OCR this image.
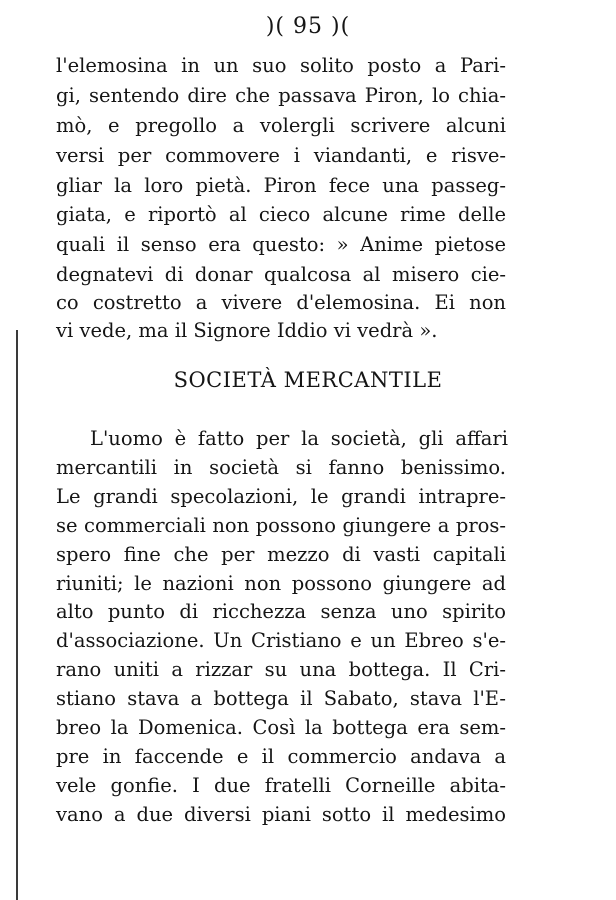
)( 95 )(
l'elemosina in un suo solito posto a Pari-
gi, sentendo dire che passava Piron, lo chia-
mò, e pregollo a volergli scrivere alcuni
versi per commovere i viandanti, e risve-
gliar la loro pietà. Piron fece una passeg-
giata, e riportò al cieco alcune rime delle
quali il senso era questo: » Anime pietose
degnatevi di donar qualcosa al misero cie-
co costretto a vivere d'elemosina. Ei non
vi vede, ma il Signore Iddio vi vedrà ».
SOCIETÀ MERCANTILE
L'uomo è fatto per la società, gli affari
mercantili in società si fanno benissimo.
Le grandi specolazioni, le grandi intrapre-
se commerciali non possono giungere a pros-
spero fine che per mezzo di vasti capitali
riuniti; le nazioni non possono giungere ad
alto punto di ricchezza senza uno spirito
d'associazione. Un Cristiano e un Ebreo s'e-
rano uniti a rizzar su una bottega. Il Cri-
stiano stava a bottega il Sabato, stava l'E-
breo la Domenica. Così la bottega era sem-
pre in faccende e il commercio andava a
vele gonfie. I due fratelli Corneille abita-
vano a due diversi piani sotto il medesimo
